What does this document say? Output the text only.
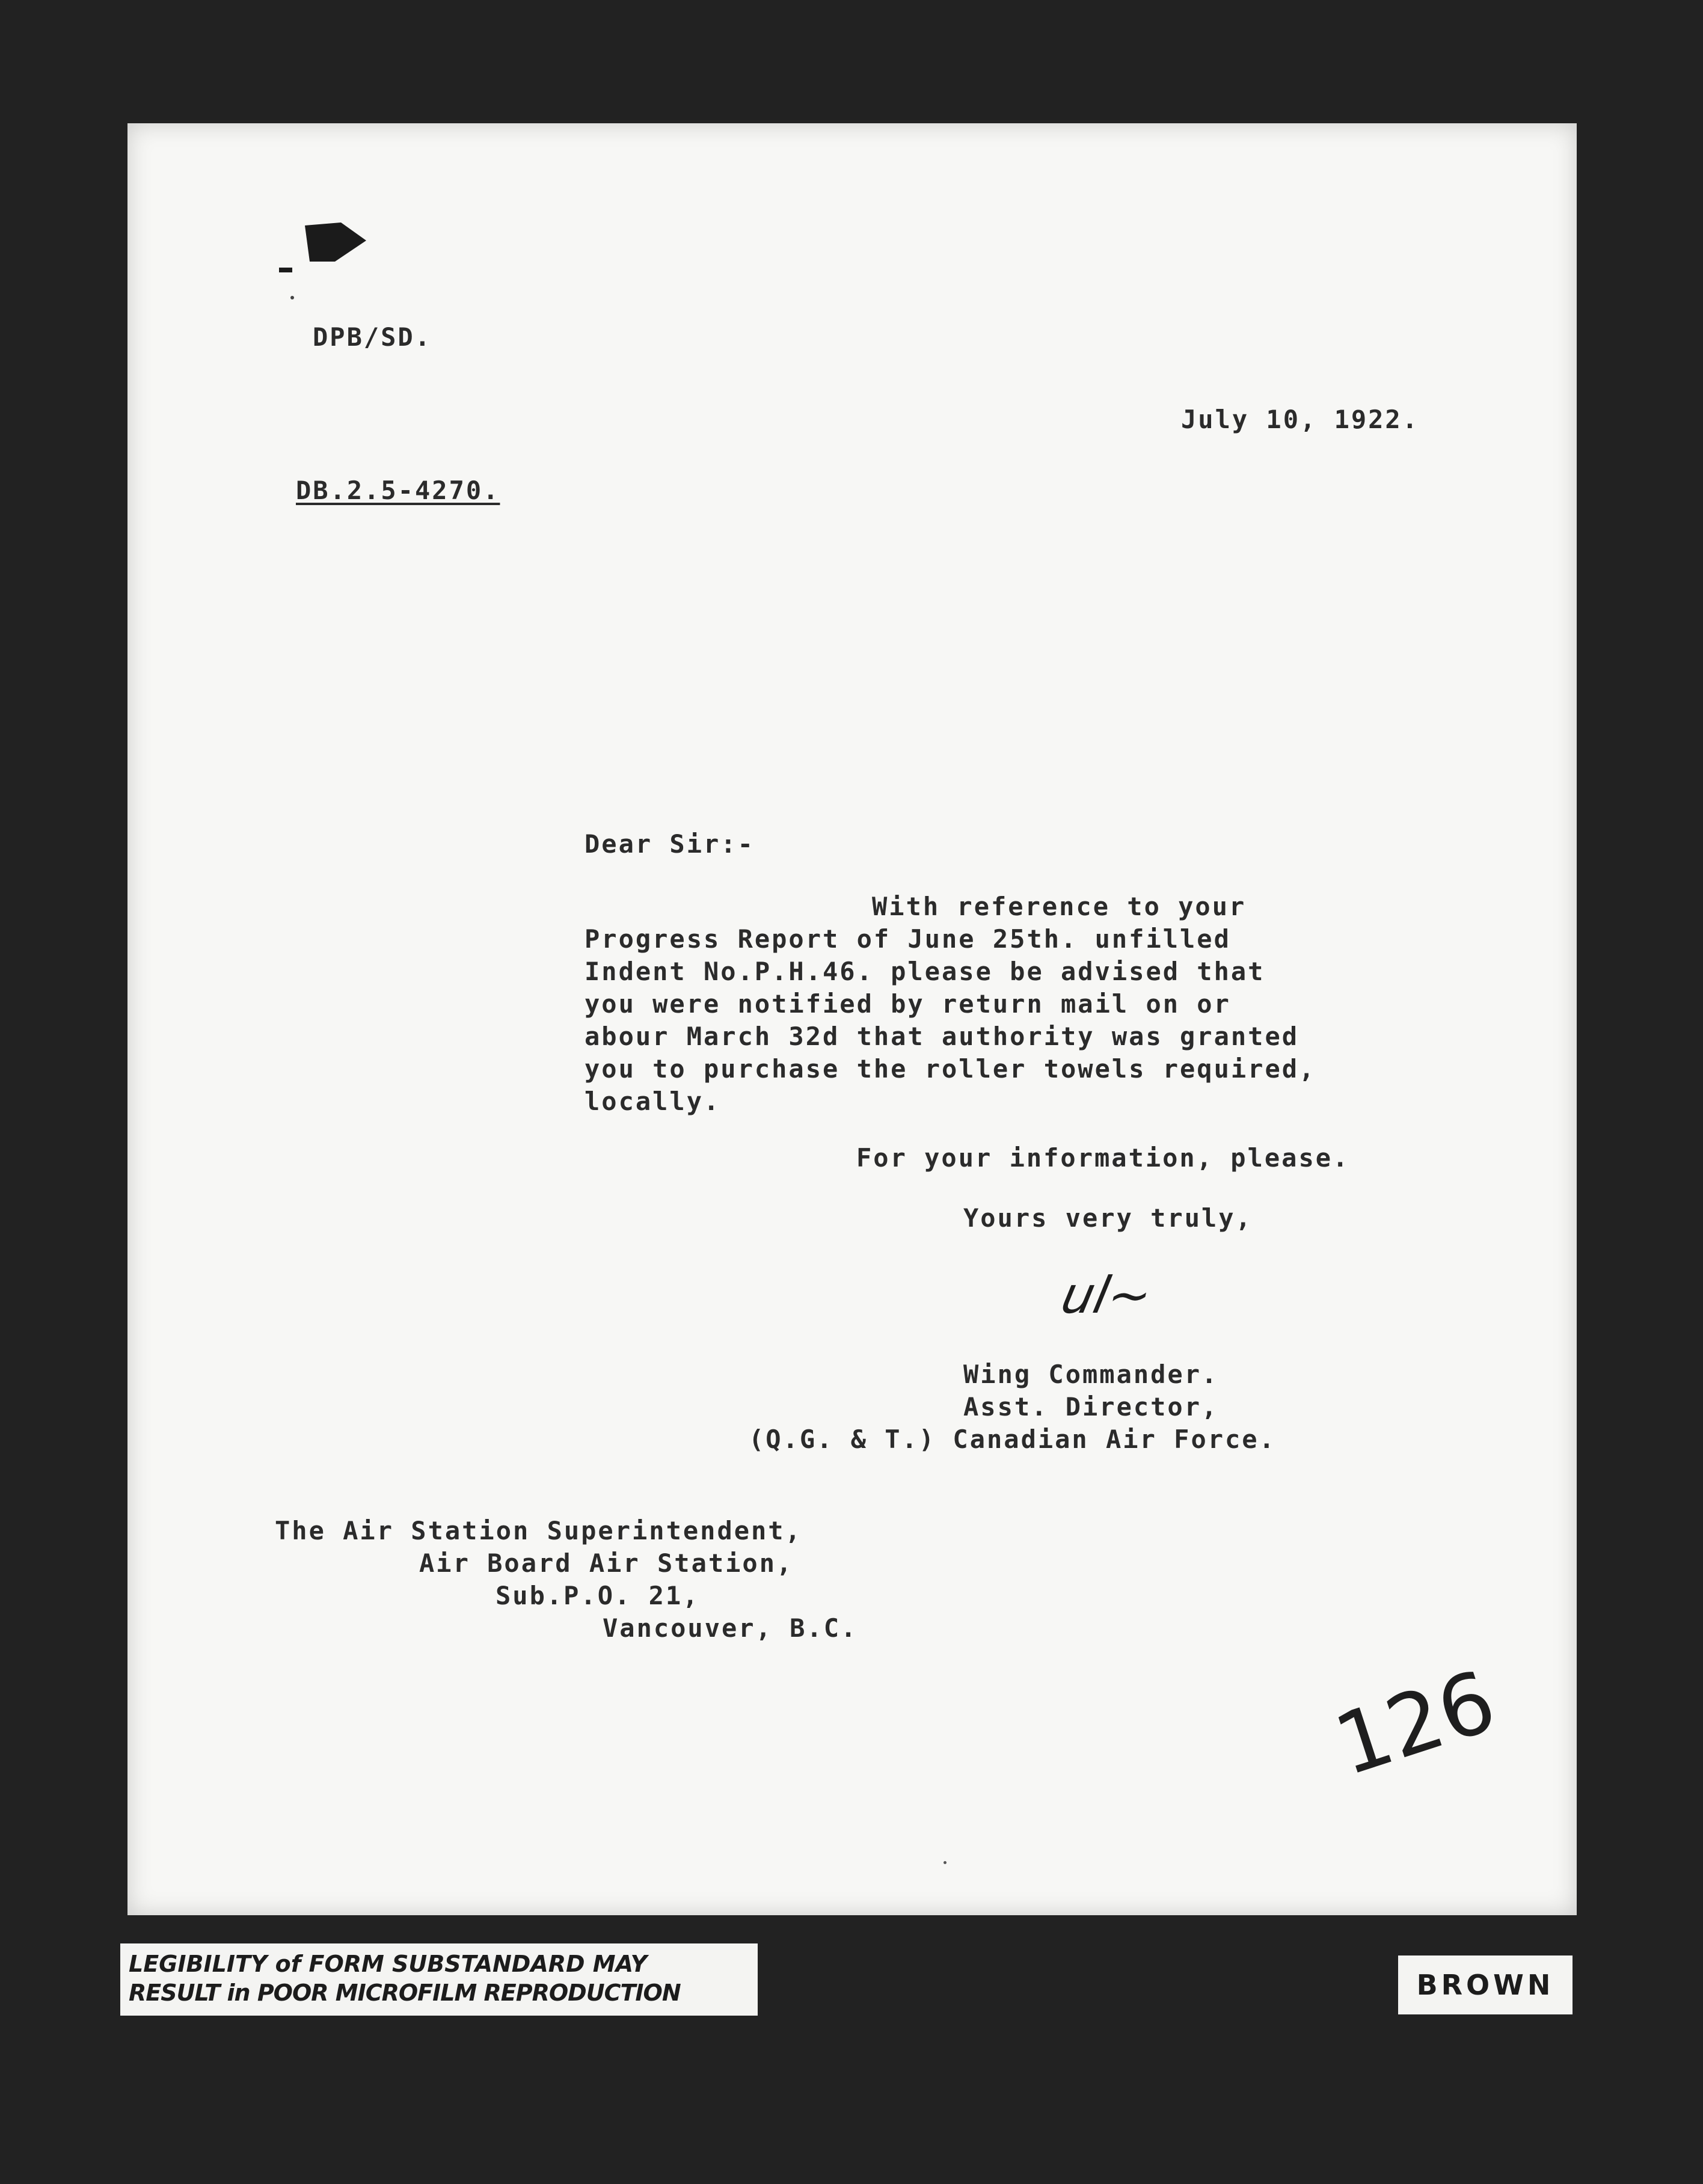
DPB/SD.
July 10, 1922.
DB.2.5-4270.
Dear Sir:-
With reference to your
Progress Report of June 25th. unfilled
Indent No.P.H.46. please be advised that
you were notified by return mail on or
abour March 32d that authority was granted
you to purchase the roller towels required,
locally.
For your information, please.
Yours very truly,
ul~
Wing Commander.
Asst. Director,
(Q.G. & T.) Canadian Air Force.
The Air Station Superintendent,
Air Board Air Station,
Sub.P.O. 21,
Vancouver, B.C.
126
LEGIBILITY of FORM SUBSTANDARD MAY
RESULT in POOR MICROFILM REPRODUCTION	BROWN
